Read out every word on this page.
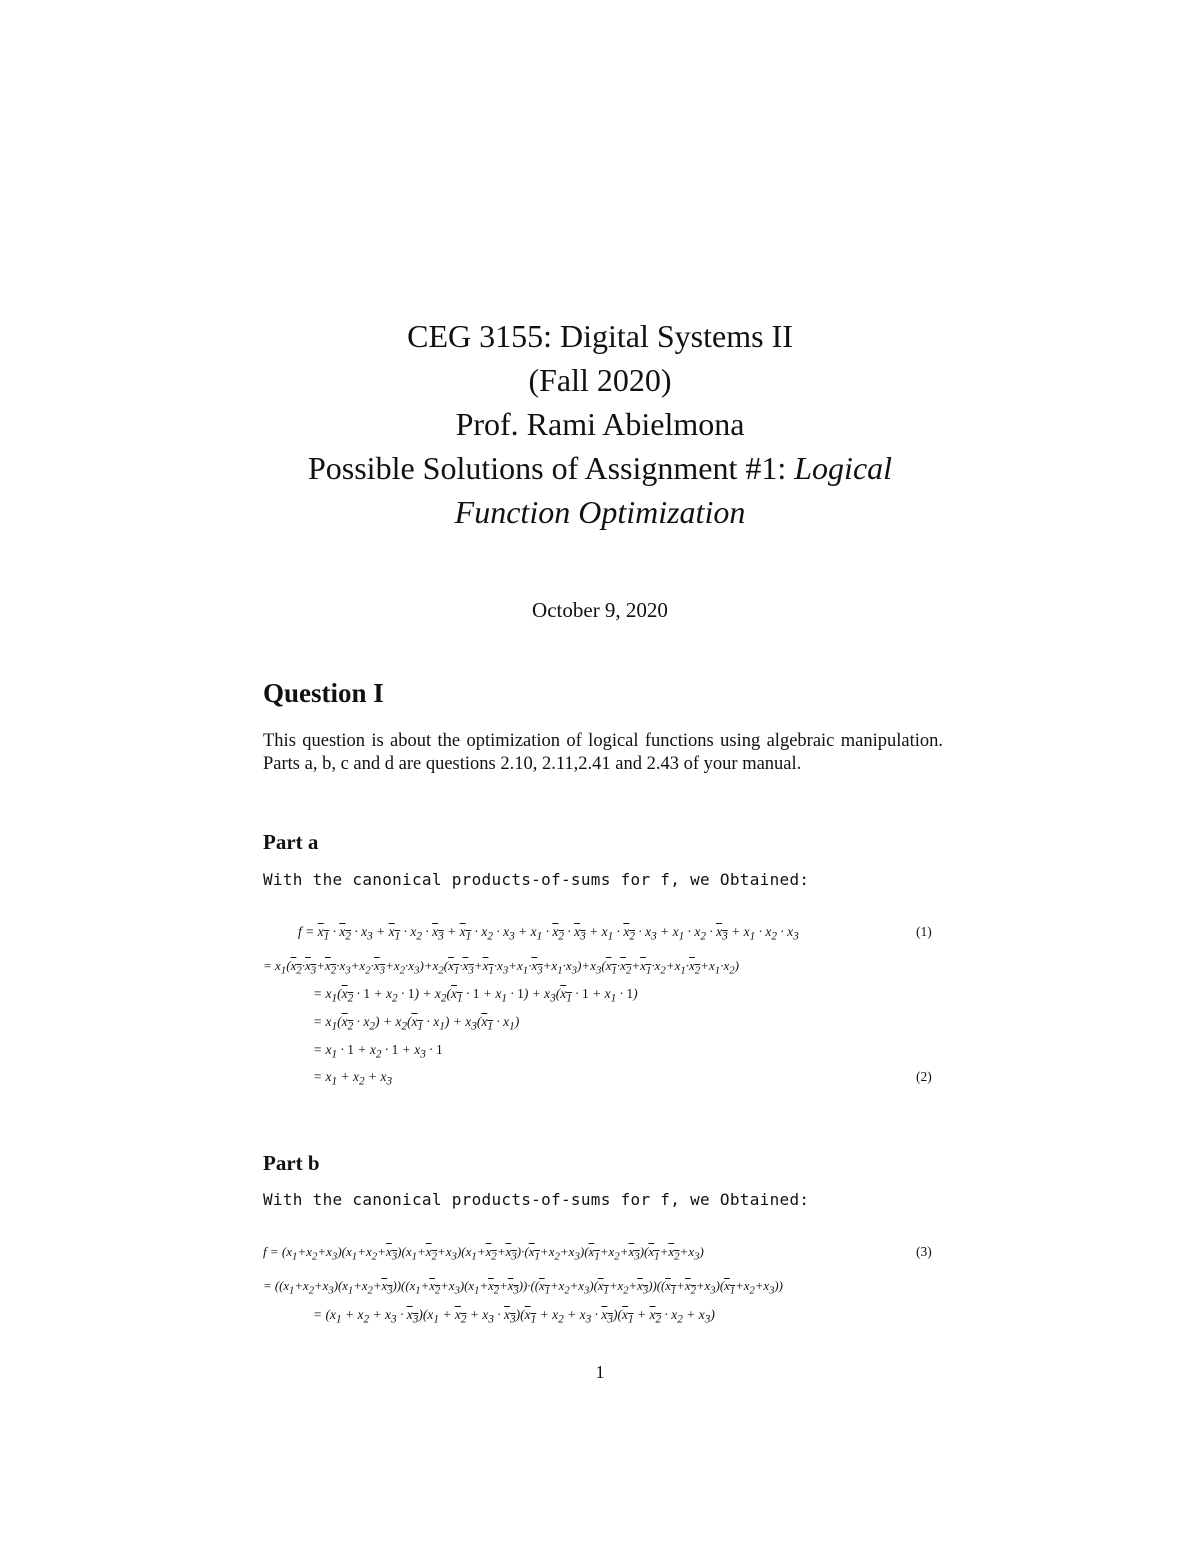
CEG 3155: Digital Systems II
(Fall 2020)
Prof. Rami Abielmona
Possible Solutions of Assignment #1: Logical
Function Optimization
October 9, 2020
Question I
This question is about the optimization of logical functions using algebraic manipulation. Parts a, b, c and d are questions 2.10, 2.11,2.41 and 2.43 of your manual.
Part a
With the canonical products-of-sums for f, we Obtained:
$f = x_1 \cdot x_2 \cdot x_3 + x_1 \cdot x_2 \cdot x_3 + x_1 \cdot x_2 \cdot x_3 + x_1 \cdot x_2 \cdot x_3 + x_1 \cdot x_2 \cdot x_3 + x_1 \cdot x_2 \cdot x_3 + x_1 \cdot x_2 \cdot x_3$	(1)
= $x_1(x_2\cdot x_3+x_2\cdot x_3+x_2\cdot x_3+x_2\cdot x_3)+x_2(x_1\cdot x_3+x_1\cdot x_3+x_1\cdot x_3+x_1\cdot x_3)+x_3(x_1\cdot x_2+x_1\cdot x_2+x_1\cdot x_2+x_1\cdot x_2)$
= $x_1(x_2 \cdot 1 + x_2 \cdot 1) + x_2(x_1 \cdot 1 + x_1 \cdot 1) + x_3(x_1 \cdot 1 + x_1 \cdot 1)$
= $x_1(x_2 \cdot x_2) + x_2(x_1 \cdot x_1) + x_3(x_1 \cdot x_1)$
= $x_1 \cdot 1 + x_2 \cdot 1 + x_3 \cdot 1$
= $x_1 + x_2 + x_3$	(2)
Part b
With the canonical products-of-sums for f, we Obtained:
$f = (x_1+x_2+x_3)(x_1+x_2+x_3)(x_1+x_2+x_3)(x_1+x_2+x_3)\cdot(x_1+x_2+x_3)(x_1+x_2+x_3)(x_1+x_2+x_3)$	(3)
= $((x_1+x_2+x_3)(x_1+x_2+x_3))((x_1+x_2+x_3)(x_1+x_2+x_3))\cdot((x_1+x_2+x_3)(x_1+x_2+x_3))((x_1+x_2+x_3)(x_1+x_2+x_3))$
= $(x_1 + x_2 + x_3 \cdot x_3)(x_1 + x_2 + x_3 \cdot x_3)(x_1 + x_2 + x_3 \cdot x_3)(x_1 + x_2 \cdot x_2 + x_3)$
1
